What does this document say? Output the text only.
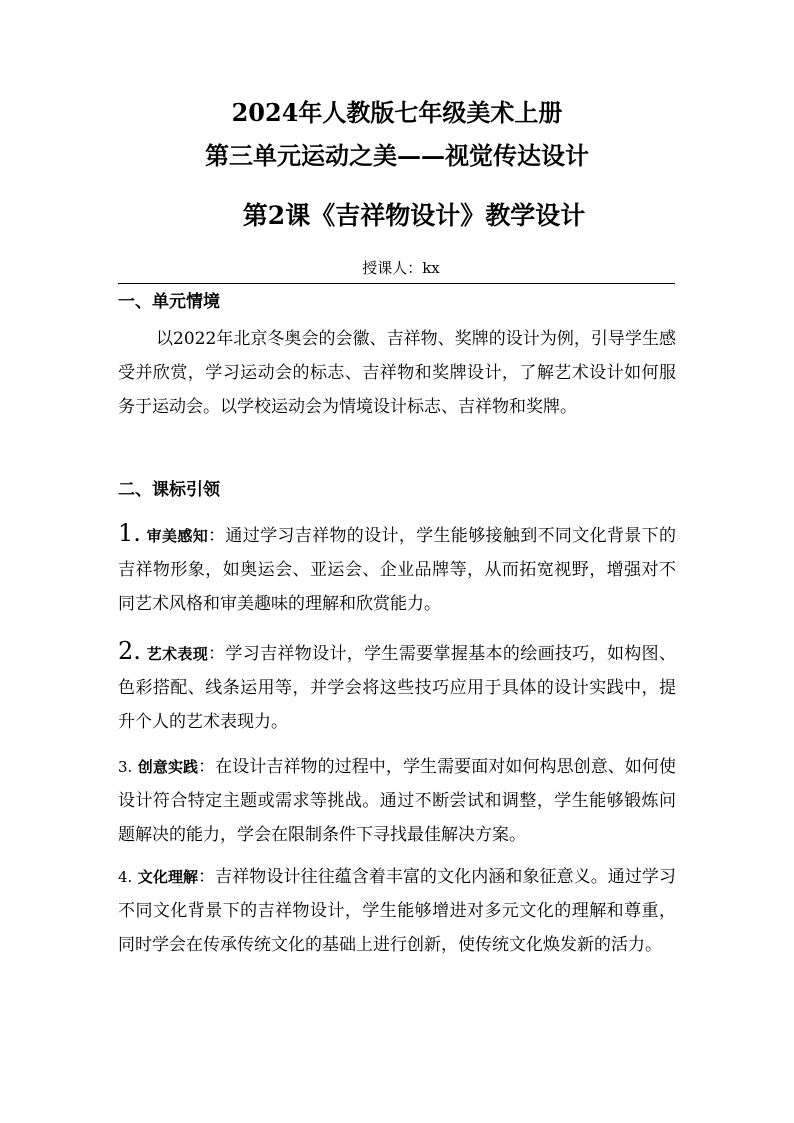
2024年人教版七年级美术上册
第三单元运动之美——视觉传达设计
第2课《吉祥物设计》教学设计
授课人：kx
一、单元情境

以2022年北京冬奥会的会徽、吉祥物、奖牌的设计为例，引导学生感受并欣赏，学习运动会的标志、吉祥物和奖牌设计，了解艺术设计如何服务于运动会。以学校运动会为情境设计标志、吉祥物和奖牌。

二、课标引领

1. 审美感知：通过学习吉祥物的设计，学生能够接触到不同文化背景下的吉祥物形象，如奥运会、亚运会、企业品牌等，从而拓宽视野，增强对不同艺术风格和审美趣味的理解和欣赏能力。

2. 艺术表现：学习吉祥物设计，学生需要掌握基本的绘画技巧，如构图、色彩搭配、线条运用等，并学会将这些技巧应用于具体的设计实践中，提升个人的艺术表现力。

3. 创意实践：在设计吉祥物的过程中，学生需要面对如何构思创意、如何使设计符合特定主题或需求等挑战。通过不断尝试和调整，学生能够锻炼问题解决的能力，学会在限制条件下寻找最佳解决方案。

4. 文化理解：吉祥物设计往往蕴含着丰富的文化内涵和象征意义。通过学习不同文化背景下的吉祥物设计，学生能够增进对多元文化的理解和尊重，同时学会在传承传统文化的基础上进行创新，使传统文化焕发新的活力。
